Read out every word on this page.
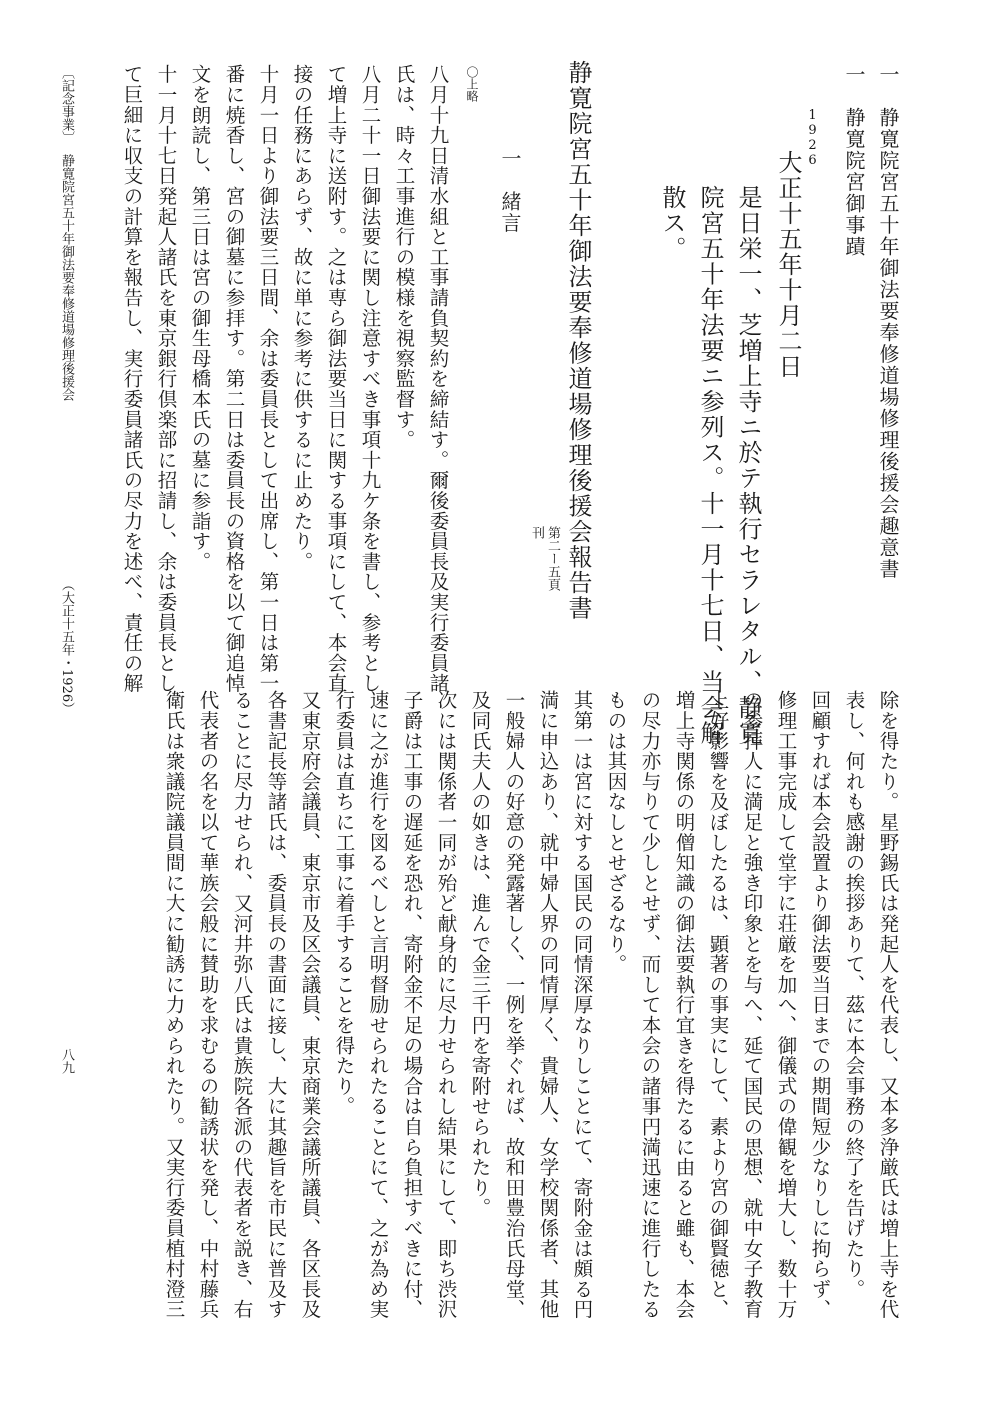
一　静寛院宮五十年御法要奉修道場修理後援会趣意書
一　静寛院宮御事蹟
1926
大正十五年十月二日
是日栄一、芝増上寺ニ於テ執行セラレタル、静寛
院宮五十年法要ニ参列ス。十一月十七日、当会解
散ス。
静寛院宮五十年御法要奉修道場修理後援会報告書
第二ー五頁
刊
一　緒言
〇上略
八月十九日清水組と工事請負契約を締結す。爾後委員長及実行委員諸
氏は、時々工事進行の模様を視察監督す。
八月二十一日御法要に関し注意すべき事項十九ケ条を書し、参考とし
て増上寺に送附す。之は専ら御法要当日に関する事項にして、本会直
接の任務にあらず、故に単に参考に供するに止めたり。
十月一日より御法要三日間、余は委員長として出席し、第一日は第一
番に焼香し、宮の御墓に参拝す。第二日は委員長の資格を以て御追悼
文を朗読し、第三日は宮の御生母橋本氏の墓に参詣す。
十一月十七日発起人諸氏を東京銀行倶楽部に招請し、余は委員長とし
て巨細に収支の計算を報告し、実行委員諸氏の尽力を述べ、責任の解
除を得たり。星野錫氏は発起人を代表し、又本多浄厳氏は増上寺を代
表し、何れも感謝の挨拶ありて、茲に本会事務の終了を告げたり。
回顧すれば本会設置より御法要当日までの期間短少なりしに拘らず、
修理工事完成して堂宇に荘厳を加へ、御儀式の偉観を増大し、数十万
の参拝人に満足と強き印象とを与へ、延て国民の思想、就中女子教育
上好影響を及ぼしたるは、顕著の事実にして、素より宮の御賢徳と、
増上寺関係の明僧知識の御法要執行宜きを得たるに由ると雖も、本会
の尽力亦与りて少しとせず、而して本会の諸事円満迅速に進行したる
ものは其因なしとせざるなり。
其第一は宮に対する国民の同情深厚なりしことにて、寄附金は頗る円
満に申込あり、就中婦人界の同情厚く、貴婦人、女学校関係者、其他
一般婦人の好意の発露著しく、一例を挙ぐれば、故和田豊治氏母堂、
及同氏夫人の如きは、進んで金三千円を寄附せられたり。
次には関係者一同が殆ど献身的に尽力せられし結果にして、即ち渋沢
子爵は工事の遅延を恐れ、寄附金不足の場合は自ら負担すべきに付、
速に之が進行を図るべしと言明督励せられたることにて、之が為め実
行委員は直ちに工事に着手することを得たり。
又東京府会議員、東京市及区会議員、東京商業会議所議員、各区長及
各書記長等諸氏は、委員長の書面に接し、大に其趣旨を市民に普及す
ることに尽力せられ、又河井弥八氏は貴族院各派の代表者を説き、右
代表者の名を以て華族会般に賛助を求むるの勧誘状を発し、中村藤兵
衛氏は衆議院議員間に大に勧誘に力められたり。又実行委員植村澄三
〔記念事業〕
静寛院宮五十年御法要奉修道場修理後援会
（大正十五年・1926）
八九
